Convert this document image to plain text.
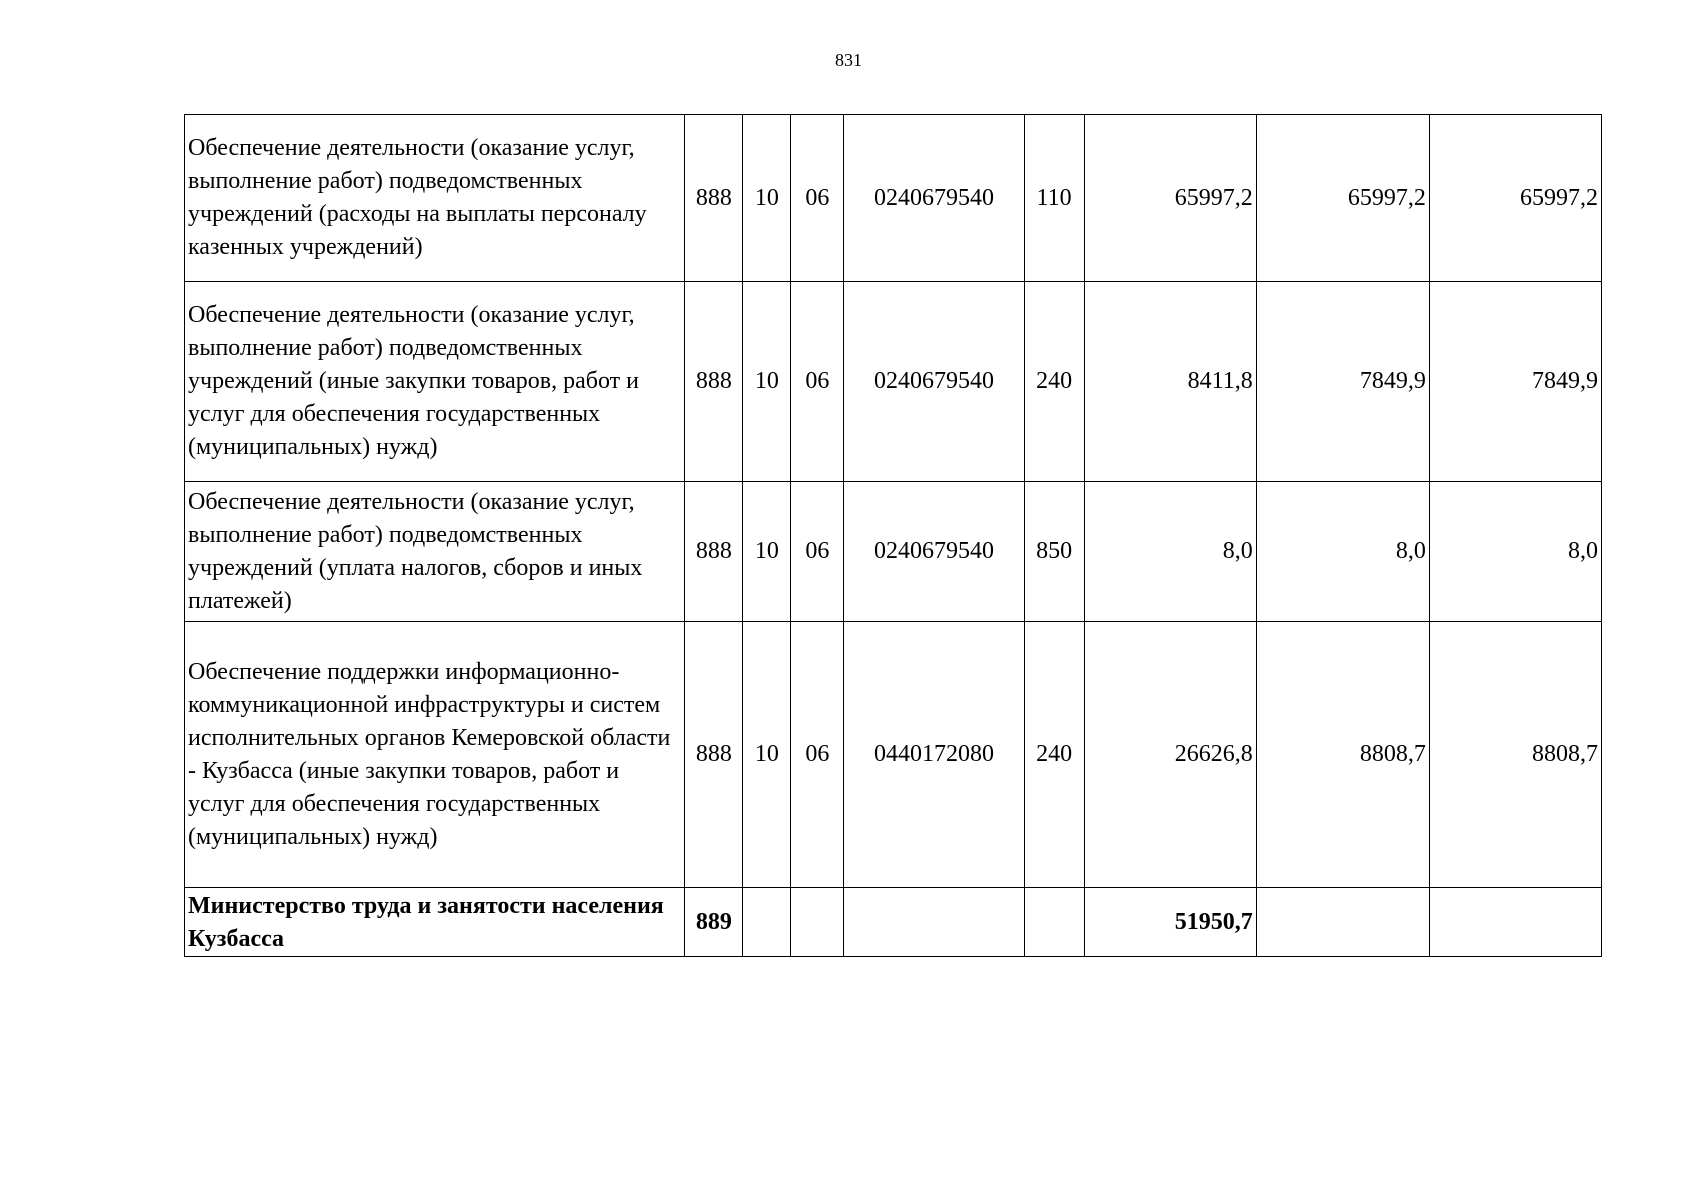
831
Обеспечение деятельности (оказание услуг, выполнение работ) подведомственных учреждений (расходы на выплаты персоналу казенных учреждений)	888	10	06	0240679540	110	65997,2	65997,2	65997,2
Обеспечение деятельности (оказание услуг, выполнение работ) подведомственных учреждений (иные закупки товаров, работ и услуг для обеспечения государственных (муниципальных) нужд)	888	10	06	0240679540	240	8411,8	7849,9	7849,9
Обеспечение деятельности (оказание услуг, выполнение работ) подведомственных учреждений (уплата налогов, сборов и иных платежей)	888	10	06	0240679540	850	8,0	8,0	8,0
Обеспечение поддержки информационно-коммуникационной инфраструктуры и систем исполнительных органов Кемеровской области - Кузбасса (иные закупки товаров, работ и услуг для обеспечения государственных (муниципальных) нужд)	888	10	06	0440172080	240	26626,8	8808,7	8808,7
Министерство труда и занятости населения Кузбасса	889					51950,7		
